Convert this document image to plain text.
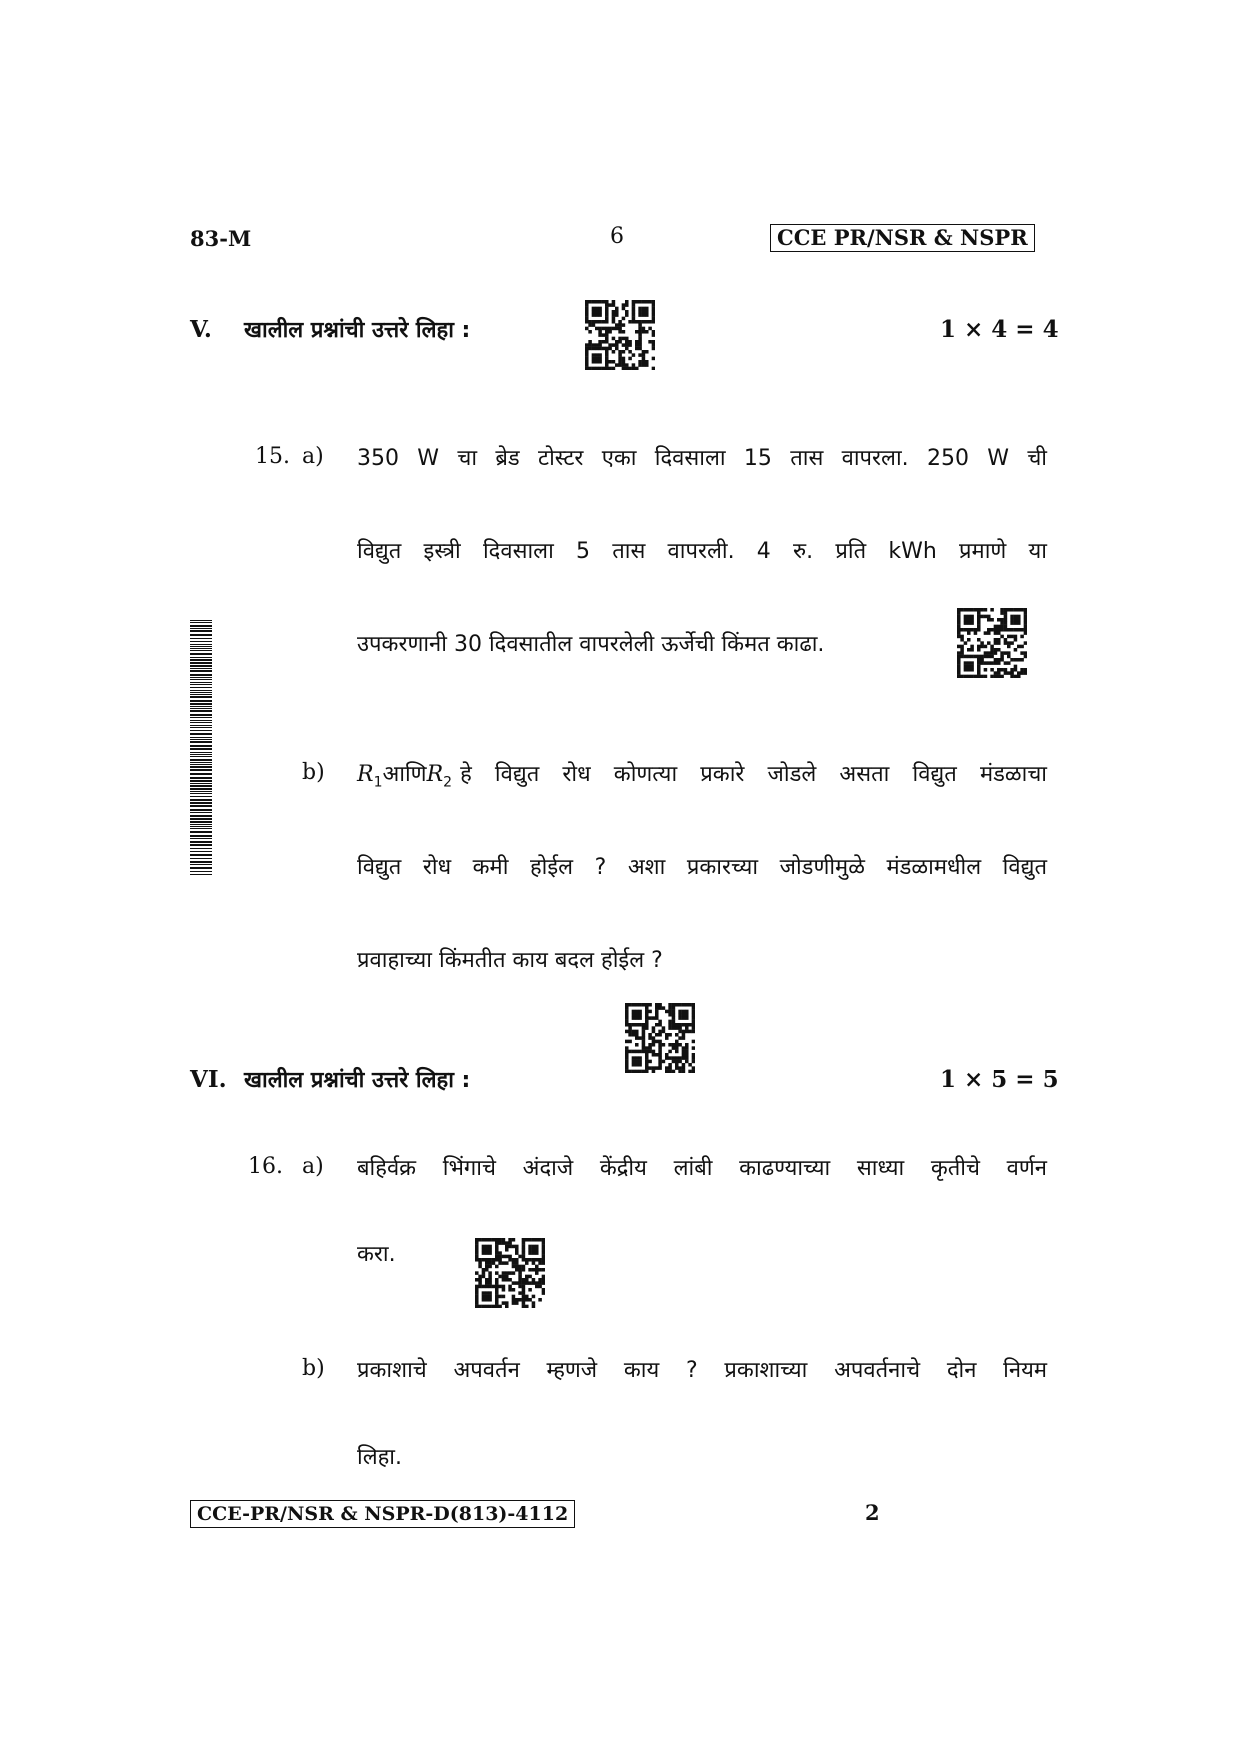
83-M	6	CCE PR/NSR & NSPR
V. खालील प्रश्नांची उत्तरे लिहा :	1 × 4 = 4
15. a) 350 W चा ब्रेड टोस्टर एका दिवसाला 15 तास वापरला. 250 W ची
विद्युत इस्त्री दिवसाला 5 तास वापरली. 4 रु. प्रति kWh प्रमाणे या
उपकरणानी 30 दिवसातील वापरलेली ऊर्जेची किंमत काढा.
b) $R_1$ आणि $R_2$ हे विद्युत रोध कोणत्या प्रकारे जोडले असता विद्युत मंडळाचा
विद्युत रोध कमी होईल ? अशा प्रकारच्या जोडणीमुळे मंडळामधील विद्युत
प्रवाहाच्या किंमतीत काय बदल होईल ?
VI. खालील प्रश्नांची उत्तरे लिहा :	1 × 5 = 5
16. a) बहिर्वक्र भिंगाचे अंदाजे केंद्रीय लांबी काढण्याच्या साध्या कृतीचे वर्णन
करा.
b) प्रकाशाचे अपवर्तन म्हणजे काय ? प्रकाशाच्या अपवर्तनाचे दोन नियम
लिहा.
CCE-PR/NSR & NSPR-D(813)-4112	2
